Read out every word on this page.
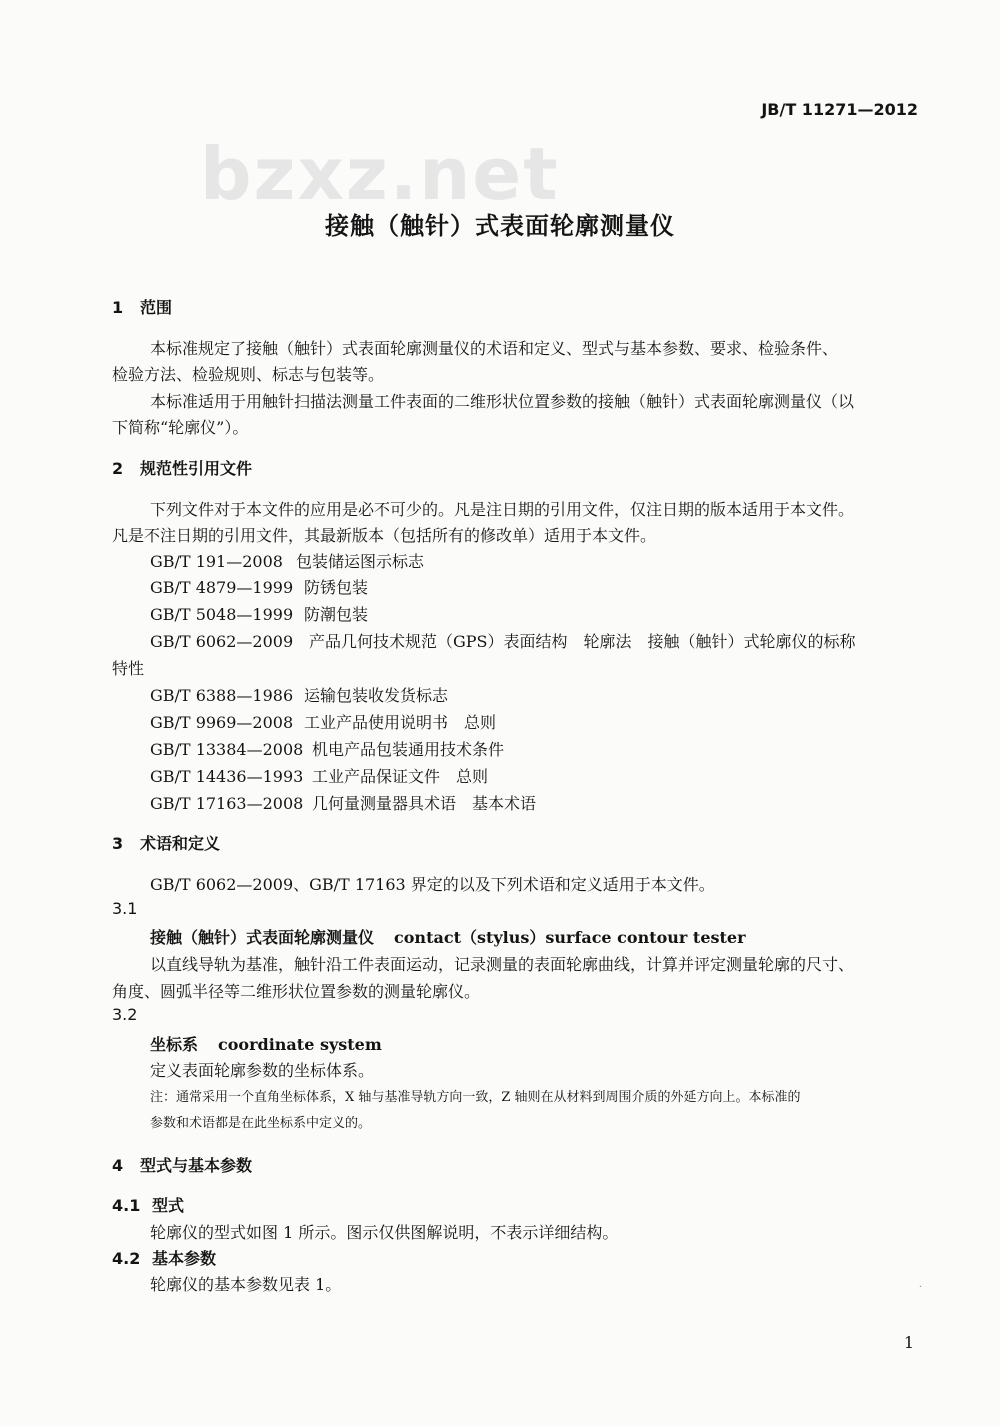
JB/T 11271—2012
bzxz.net
接触（触针）式表面轮廓测量仪
1 范围
本标准规定了接触（触针）式表面轮廓测量仪的术语和定义、型式与基本参数、要求、检验条件、
检验方法、检验规则、标志与包装等。
本标准适用于用触针扫描法测量工件表面的二维形状位置参数的接触（触针）式表面轮廓测量仪（以
下简称“轮廓仪”）。
2 规范性引用文件
下列文件对于本文件的应用是必不可少的。凡是注日期的引用文件，仅注日期的版本适用于本文件。
凡是不注日期的引用文件，其最新版本（包括所有的修改单）适用于本文件。
GB/T 191—2008 包装储运图示标志
GB/T 4879—1999 防锈包装
GB/T 5048—1999 防潮包装
GB/T 6062—2009 产品几何技术规范（GPS）表面结构　轮廓法　接触（触针）式轮廓仪的标称
特性
GB/T 6388—1986 运输包装收发货标志
GB/T 9969—2008 工业产品使用说明书　总则
GB/T 13384—2008 机电产品包装通用技术条件
GB/T 14436—1993 工业产品保证文件　总则
GB/T 17163—2008 几何量测量器具术语　基本术语
3 术语和定义
GB/T 6062—2009、GB/T 17163 界定的以及下列术语和定义适用于本文件。
3.1
接触（触针）式表面轮廓测量仪 contact（stylus）surface contour tester
以直线导轨为基准，触针沿工件表面运动，记录测量的表面轮廓曲线，计算并评定测量轮廓的尺寸、
角度、圆弧半径等二维形状位置参数的测量轮廓仪。
3.2
坐标系 coordinate system
定义表面轮廓参数的坐标体系。
注：通常采用一个直角坐标体系，X 轴与基准导轨方向一致，Z 轴则在从材料到周围介质的外延方向上。本标准的
参数和术语都是在此坐标系中定义的。
4 型式与基本参数
4.1 型式
轮廓仪的型式如图 1 所示。图示仅供图解说明，不表示详细结构。
4.2 基本参数
轮廓仪的基本参数见表 1。	·
1
